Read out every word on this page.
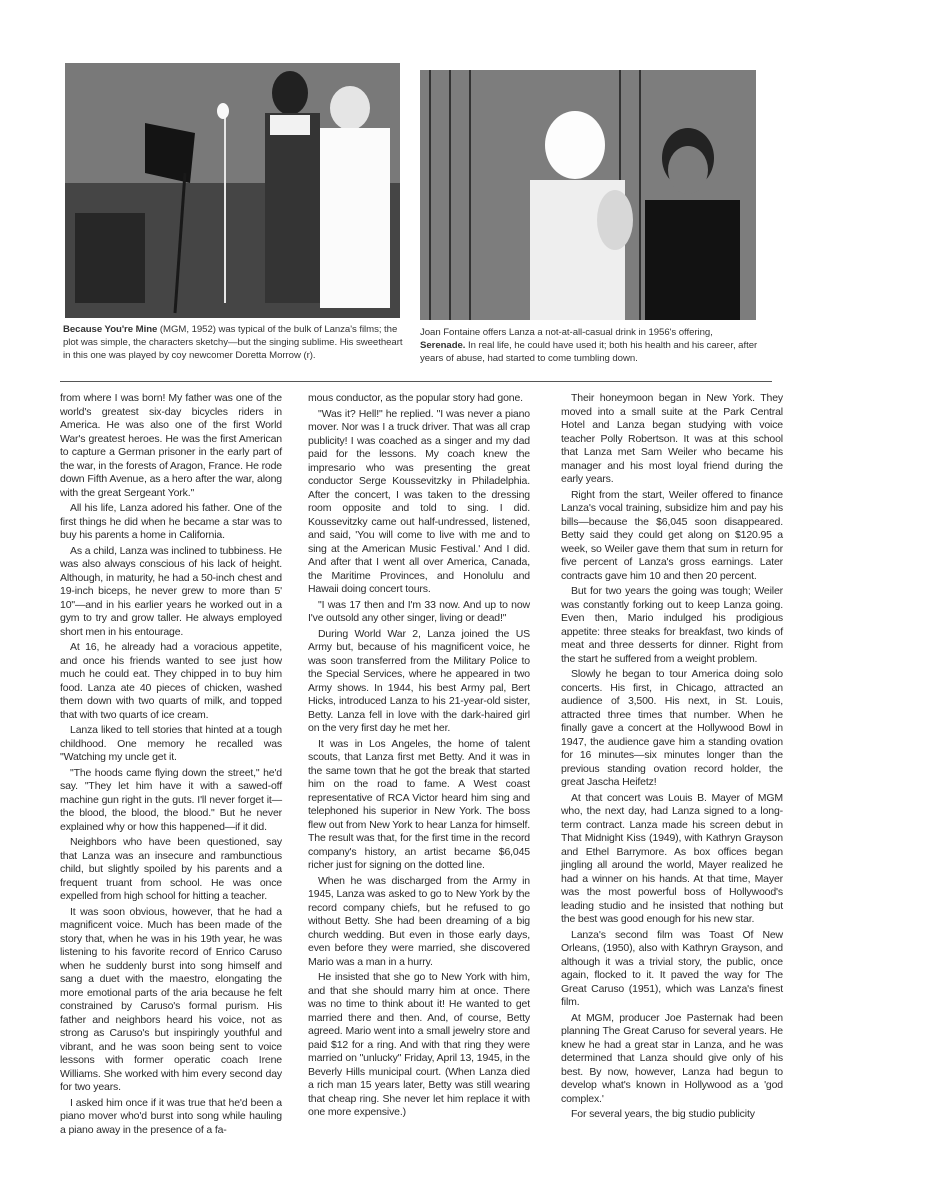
Because You're Mine (MGM, 1952) was typical of the bulk of Lanza's films; the plot was simple, the characters sketchy—but the singing sublime. His sweetheart in this one was played by coy newcomer Doretta Morrow (r).
Joan Fontaine offers Lanza a not-at-all-casual drink in 1956's offering, Serenade. In real life, he could have used it; both his health and his career, after years of abuse, had started to come tumbling down.

from where I was born! My father was one of the world's greatest six-day bicycles riders in America. He was also one of the first World War's greatest heroes. He was the first American to capture a German prisoner in the early part of the war, in the forests of Aragon, France. He rode down Fifth Avenue, as a hero after the war, along with the great Sergeant York."

All his life, Lanza adored his father. One of the first things he did when he became a star was to buy his parents a home in California.

As a child, Lanza was inclined to tubbiness. He was also always conscious of his lack of height. Although, in maturity, he had a 50-inch chest and 19-inch biceps, he never grew to more than 5' 10"—and in his earlier years he worked out in a gym to try and grow taller. He always employed short men in his entourage.

At 16, he already had a voracious appetite, and once his friends wanted to see just how much he could eat. They chipped in to buy him food. Lanza ate 40 pieces of chicken, washed them down with two quarts of milk, and topped that with two quarts of ice cream.

Lanza liked to tell stories that hinted at a tough childhood. One memory he recalled was "Watching my uncle get it.

"The hoods came flying down the street," he'd say. "They let him have it with a sawed-off machine gun right in the guts. I'll never forget it—the blood, the blood, the blood." But he never explained why or how this happened—if it did.

Neighbors who have been questioned, say that Lanza was an insecure and rambunctious child, but slightly spoiled by his parents and a frequent truant from school. He was once expelled from high school for hitting a teacher.

It was soon obvious, however, that he had a magnificent voice. Much has been made of the story that, when he was in his 19th year, he was listening to his favorite record of Enrico Caruso when he suddenly burst into song himself and sang a duet with the maestro, elongating the more emotional parts of the aria because he felt constrained by Caruso's formal purism. His father and neighbors heard his voice, not as strong as Caruso's but inspiringly youthful and vibrant, and he was soon being sent to voice lessons with former operatic coach Irene Williams. She worked with him every second day for two years.

I asked him once if it was true that he'd been a piano mover who'd burst into song while hauling a piano away in the presence of a fa-

mous conductor, as the popular story had gone.

"Was it? Hell!" he replied. "I was never a piano mover. Nor was I a truck driver. That was all crap publicity! I was coached as a singer and my dad paid for the lessons. My coach knew the impresario who was presenting the great conductor Serge Koussevitzky in Philadelphia. After the concert, I was taken to the dressing room opposite and told to sing. I did. Koussevitzky came out half-undressed, listened, and said, 'You will come to live with me and to sing at the American Music Festival.' And I did. And after that I went all over America, Canada, the Maritime Provinces, and Honolulu and Hawaii doing concert tours.

"I was 17 then and I'm 33 now. And up to now I've outsold any other singer, living or dead!"

During World War 2, Lanza joined the US Army but, because of his magnificent voice, he was soon transferred from the Military Police to the Special Services, where he appeared in two Army shows. In 1944, his best Army pal, Bert Hicks, introduced Lanza to his 21-year-old sister, Betty. Lanza fell in love with the dark-haired girl on the very first day he met her.

It was in Los Angeles, the home of talent scouts, that Lanza first met Betty. And it was in the same town that he got the break that started him on the road to fame. A West coast representative of RCA Victor heard him sing and telephoned his superior in New York. The boss flew out from New York to hear Lanza for himself. The result was that, for the first time in the record company's history, an artist became $6,045 richer just for signing on the dotted line.

When he was discharged from the Army in 1945, Lanza was asked to go to New York by the record company chiefs, but he refused to go without Betty. She had been dreaming of a big church wedding. But even in those early days, even before they were married, she discovered Mario was a man in a hurry.

He insisted that she go to New York with him, and that she should marry him at once. There was no time to think about it! He wanted to get married there and then. And, of course, Betty agreed. Mario went into a small jewelry store and paid $12 for a ring. And with that ring they were married on "unlucky" Friday, April 13, 1945, in the Beverly Hills municipal court. (When Lanza died a rich man 15 years later, Betty was still wearing that cheap ring. She never let him replace it with one more expensive.)

Their honeymoon began in New York. They moved into a small suite at the Park Central Hotel and Lanza began studying with voice teacher Polly Robertson. It was at this school that Lanza met Sam Weiler who became his manager and his most loyal friend during the early years.

Right from the start, Weiler offered to finance Lanza's vocal training, subsidize him and pay his bills—because the $6,045 soon disappeared. Betty said they could get along on $120.95 a week, so Weiler gave them that sum in return for five percent of Lanza's gross earnings. Later contracts gave him 10 and then 20 percent.

But for two years the going was tough; Weiler was constantly forking out to keep Lanza going. Even then, Mario indulged his prodigious appetite: three steaks for breakfast, two kinds of meat and three desserts for dinner. Right from the start he suffered from a weight problem.

Slowly he began to tour America doing solo concerts. His first, in Chicago, attracted an audience of 3,500. His next, in St. Louis, attracted three times that number. When he finally gave a concert at the Hollywood Bowl in 1947, the audience gave him a standing ovation for 16 minutes—six minutes longer than the previous standing ovation record holder, the great Jascha Heifetz!

At that concert was Louis B. Mayer of MGM who, the next day, had Lanza signed to a long-term contract. Lanza made his screen debut in That Midnight Kiss (1949), with Kathryn Grayson and Ethel Barrymore. As box offices began jingling all around the world, Mayer realized he had a winner on his hands. At that time, Mayer was the most powerful boss of Hollywood's leading studio and he insisted that nothing but the best was good enough for his new star.

Lanza's second film was Toast Of New Orleans, (1950), also with Kathryn Grayson, and although it was a trivial story, the public, once again, flocked to it. It paved the way for The Great Caruso (1951), which was Lanza's finest film.

At MGM, producer Joe Pasternak had been planning The Great Caruso for several years. He knew he had a great star in Lanza, and he was determined that Lanza should give only of his best. By now, however, Lanza had begun to develop what's known in Hollywood as a 'god complex.'

For several years, the big studio publicity
